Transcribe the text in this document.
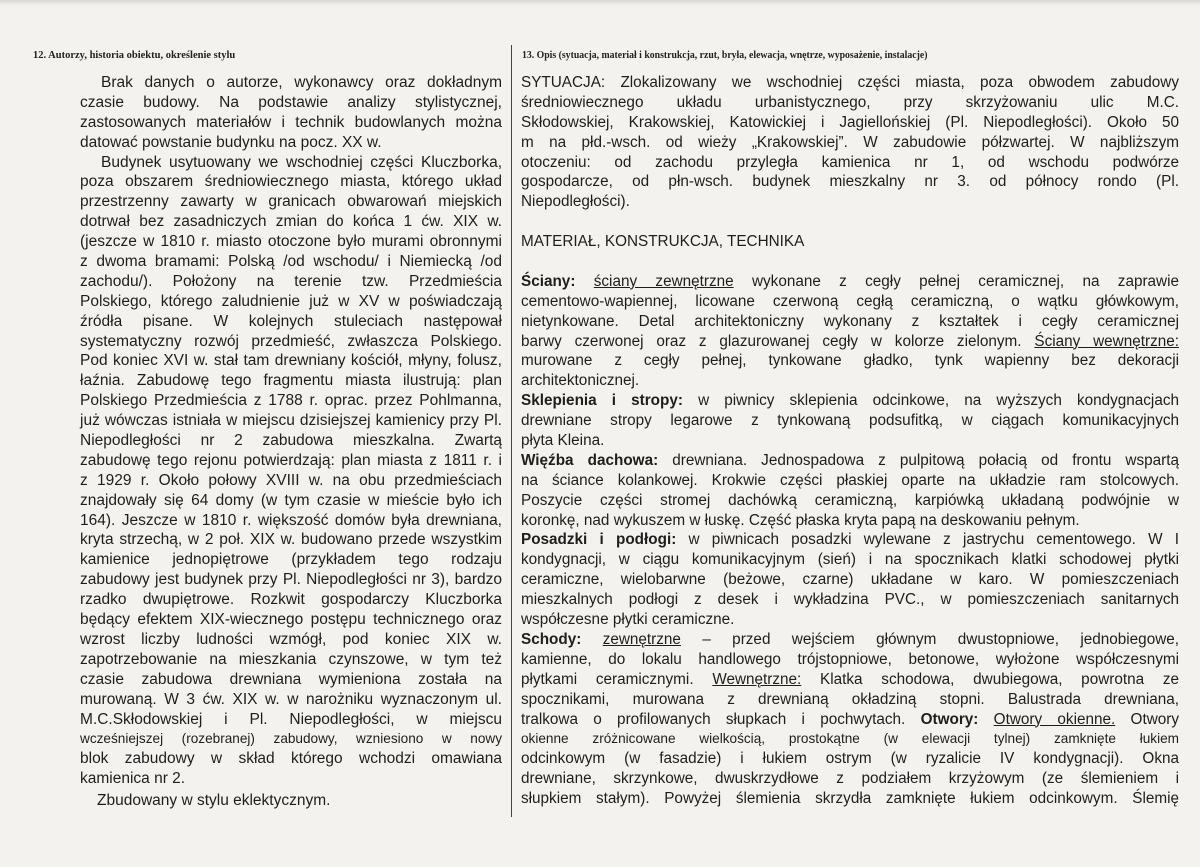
12. Autorzy, historia obiektu, określenie stylu	13. Opis (sytuacja, materiał i konstrukcja, rzut, bryła, elewacja, wnętrze, wyposażenie, instalacje)
Brak danych o autorze, wykonawcy oraz dokładnym
czasie budowy. Na podstawie analizy stylistycznej,
zastosowanych materiałów i technik budowlanych można
datować powstanie budynku na pocz. XX w.
Budynek usytuowany we wschodniej części Kluczborka,
poza obszarem średniowiecznego miasta, którego układ
przestrzenny zawarty w granicach obwarowań miejskich
dotrwał bez zasadniczych zmian do końca 1 ćw. XIX w.
(jeszcze w 1810 r. miasto otoczone było murami obronnymi
z dwoma bramami: Polską /od wschodu/ i Niemiecką /od
zachodu/). Położony na terenie tzw. Przedmieścia
Polskiego, którego zaludnienie już w XV w poświadczają
źródła pisane. W kolejnych stuleciach następował
systematyczny rozwój przedmieść, zwłaszcza Polskiego.
Pod koniec XVI w. stał tam drewniany kościół, młyny, folusz,
łaźnia. Zabudowę tego fragmentu miasta ilustrują: plan
Polskiego Przedmieścia z 1788 r. oprac. przez Pohlmanna,
już wówczas istniała w miejscu dzisiejszej kamienicy przy Pl.
Niepodległości nr 2 zabudowa mieszkalna. Zwartą
zabudowę tego rejonu potwierdzają: plan miasta z 1811 r. i
z 1929 r. Około połowy XVIII w. na obu przedmieściach
znajdowały się 64 domy (w tym czasie w mieście było ich
164). Jeszcze w 1810 r. większość domów była drewniana,
kryta strzechą, w 2 poł. XIX w. budowano przede wszystkim
kamienice jednopiętrowe (przykładem tego rodzaju
zabudowy jest budynek przy Pl. Niepodległości nr 3), bardzo
rzadko dwupiętrowe. Rozkwit gospodarczy Kluczborka
będący efektem XIX-wiecznego postępu technicznego oraz
wzrost liczby ludności wzmógł, pod koniec XIX w.
zapotrzebowanie na mieszkania czynszowe, w tym też
czasie zabudowa drewniana wymieniona została na
murowaną. W 3 ćw. XIX w. w narożniku wyznaczonym ul.
M.C.Skłodowskiej i Pl. Niepodległości, w miejscu
wcześniejszej (rozebranej) zabudowy, wzniesiono w nowy
blok zabudowy w skład którego wchodzi omawiana
kamienica nr 2.
Zbudowany w stylu eklektycznym.
SYTUACJA: Zlokalizowany we wschodniej części miasta, poza obwodem zabudowy
średniowiecznego układu urbanistycznego, przy skrzyżowaniu ulic M.C.
Skłodowskiej, Krakowskiej, Katowickiej i Jagiellońskiej (Pl. Niepodległości). Około 50
m na płd.-wsch. od wieży „Krakowskiej”. W zabudowie półzwartej. W najbliższym
otoczeniu: od zachodu przyległa kamienica nr 1, od wschodu podwórze
gospodarcze, od płn-wsch. budynek mieszkalny nr 3. od północy rondo (Pl.
Niepodległości).
MATERIAŁ, KONSTRUKCJA, TECHNIKA
Ściany: ściany zewnętrzne wykonane z cegły pełnej ceramicznej, na zaprawie
cementowo-wapiennej, licowane czerwoną cegłą ceramiczną, o wątku główkowym,
nietynkowane. Detal architektoniczny wykonany z kształtek i cegły ceramicznej
barwy czerwonej oraz z glazurowanej cegły w kolorze zielonym. Ściany wewnętrzne:
murowane z cegły pełnej, tynkowane gładko, tynk wapienny bez dekoracji
architektonicznej.
Sklepienia i stropy: w piwnicy sklepienia odcinkowe, na wyższych kondygnacjach
drewniane stropy legarowe z tynkowaną podsufitką, w ciągach komunikacyjnych
płyta Kleina.
Więźba dachowa: drewniana. Jednospadowa z pulpitową połacią od frontu wspartą
na ściance kolankowej. Krokwie części płaskiej oparte na układzie ram stolcowych.
Poszycie części stromej dachówką ceramiczną, karpiówką układaną podwójnie w
koronkę, nad wykuszem w łuskę. Część płaska kryta papą na deskowaniu pełnym.
Posadzki i podłogi: w piwnicach posadzki wylewane z jastrychu cementowego. W I
kondygnacji, w ciągu komunikacyjnym (sień) i na spocznikach klatki schodowej płytki
ceramiczne, wielobarwne (beżowe, czarne) układane w karo. W pomieszczeniach
mieszkalnych podłogi z desek i wykładzina PVC., w pomieszczeniach sanitarnych
współczesne płytki ceramiczne.
Schody: zewnętrzne – przed wejściem głównym dwustopniowe, jednobiegowe,
kamienne, do lokalu handlowego trójstopniowe, betonowe, wyłożone współczesnymi
płytkami ceramicznymi. Wewnętrzne: Klatka schodowa, dwubiegowa, powrotna ze
spocznikami, murowana z drewnianą okładziną stopni. Balustrada drewniana,
tralkowa o profilowanych słupkach i pochwytach. Otwory: Otwory okienne. Otwory
okienne zróżnicowane wielkością, prostokątne (w elewacji tylnej) zamknięte łukiem
odcinkowym (w fasadzie) i łukiem ostrym (w ryzalicie IV kondygnacji). Okna
drewniane, skrzynkowe, dwuskrzydłowe z podziałem krzyżowym (ze ślemieniem i
słupkiem stałym). Powyżej ślemienia skrzydła zamknięte łukiem odcinkowym. Ślemię
